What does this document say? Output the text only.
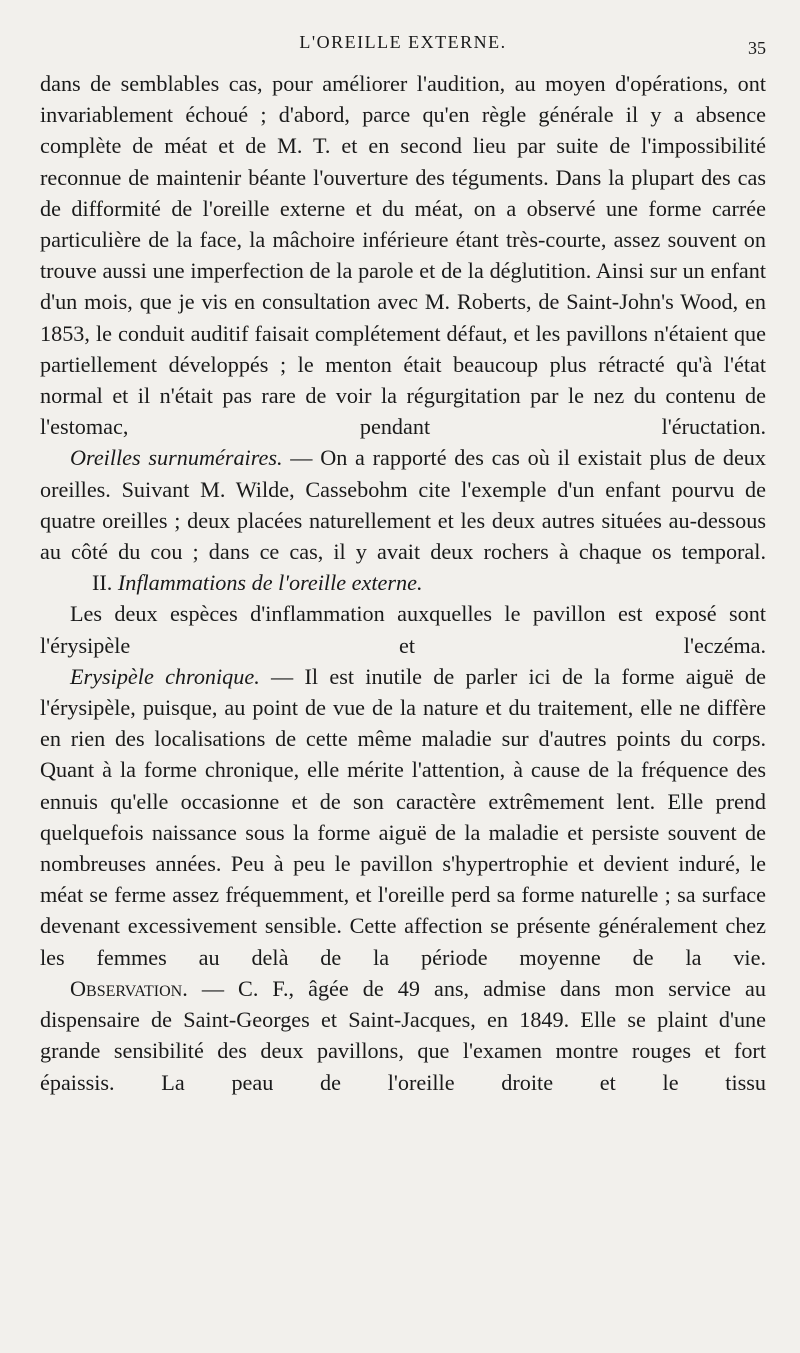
L'OREILLE EXTERNE.	35

dans de semblables cas, pour améliorer l'audition, au moyen d'opérations, ont invariablement échoué ; d'abord, parce qu'en règle générale il y a absence complète de méat et de M. T. et en second lieu par suite de l'impossibilité reconnue de maintenir béante l'ouverture des téguments. Dans la plupart des cas de difformité de l'oreille externe et du méat, on a observé une forme carrée particulière de la face, la mâchoire inférieure étant très-courte, assez souvent on trouve aussi une imperfection de la parole et de la déglutition. Ainsi sur un enfant d'un mois, que je vis en consultation avec M. Roberts, de Saint-John's Wood, en 1853, le conduit auditif faisait complétement défaut, et les pavillons n'étaient que partiellement développés ; le menton était beaucoup plus rétracté qu'à l'état normal et il n'était pas rare de voir la régurgitation par le nez du contenu de l'estomac, pendant l'éructation.

Oreilles surnuméraires. — On a rapporté des cas où il existait plus de deux oreilles. Suivant M. Wilde, Cassebohm cite l'exemple d'un enfant pourvu de quatre oreilles ; deux placées naturellement et les deux autres situées au-dessous au côté du cou ; dans ce cas, il y avait deux rochers à chaque os temporal.

II. Inflammations de l'oreille externe.

Les deux espèces d'inflammation auxquelles le pavillon est exposé sont l'érysipèle et l'eczéma.

Erysipèle chronique. — Il est inutile de parler ici de la forme aiguë de l'érysipèle, puisque, au point de vue de la nature et du traitement, elle ne diffère en rien des localisations de cette même maladie sur d'autres points du corps. Quant à la forme chronique, elle mérite l'attention, à cause de la fréquence des ennuis qu'elle occasionne et de son caractère extrêmement lent. Elle prend quelquefois naissance sous la forme aiguë de la maladie et persiste souvent de nombreuses années. Peu à peu le pavillon s'hypertrophie et devient induré, le méat se ferme assez fréquemment, et l'oreille perd sa forme naturelle ; sa surface devenant excessivement sensible. Cette affection se présente généralement chez les femmes au delà de la période moyenne de la vie.

Observation. — C. F., âgée de 49 ans, admise dans mon service au dispensaire de Saint-Georges et Saint-Jacques, en 1849. Elle se plaint d'une grande sensibilité des deux pavillons, que l'examen montre rouges et fort épaissis. La peau de l'oreille droite et le tissu
